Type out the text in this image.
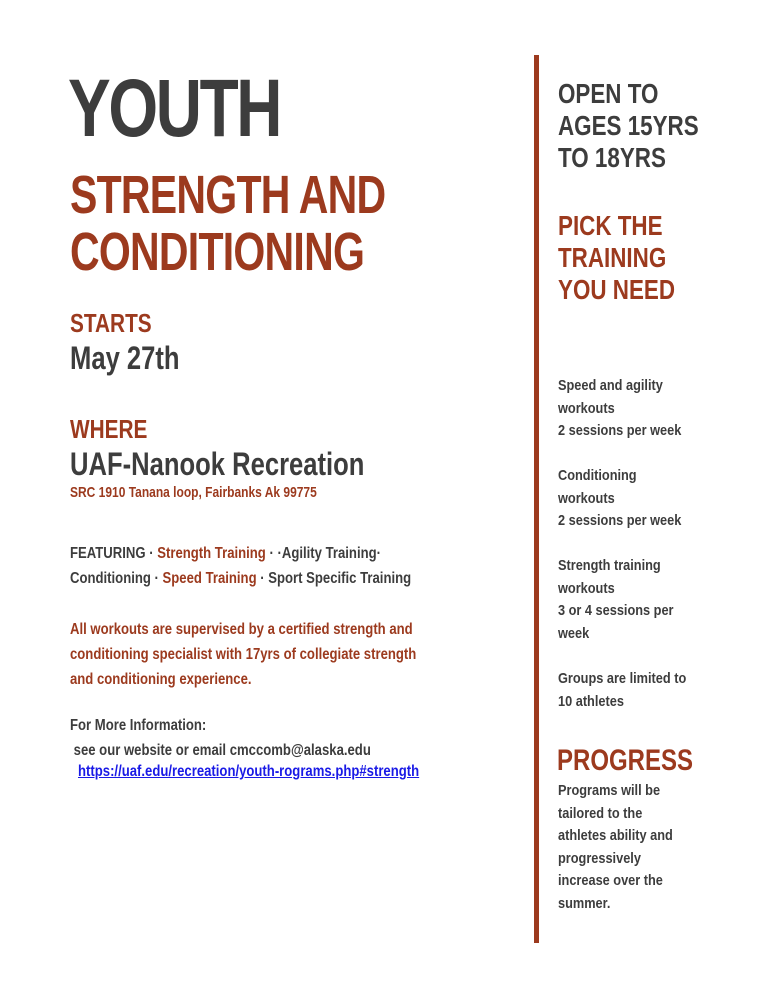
YOUTH
STRENGTH AND
CONDITIONING
STARTS
May 27th
WHERE
UAF-Nanook Recreation
SRC 1910 Tanana loop, Fairbanks Ak 99775
FEATURING · Strength Training · ·Agility Training·
Conditioning · Speed Training · Sport Specific Training
All workouts are supervised by a certified strength and
conditioning specialist with 17yrs of collegiate strength
and conditioning experience.
For More Information:
see our website or email cmccomb@alaska.edu
https://uaf.edu/recreation/youth-rograms.php#strength
OPEN TO
AGES 15YRS
TO 18YRS
PICK THE
TRAINING
YOU NEED
Speed and agility
workouts
2 sessions per week
Conditioning
workouts
2 sessions per week
Strength training
workouts
3 or 4 sessions per
week
Groups are limited to
10 athletes
PROGRESS
Programs will be
tailored to the
athletes ability and
progressively
increase over the
summer.
